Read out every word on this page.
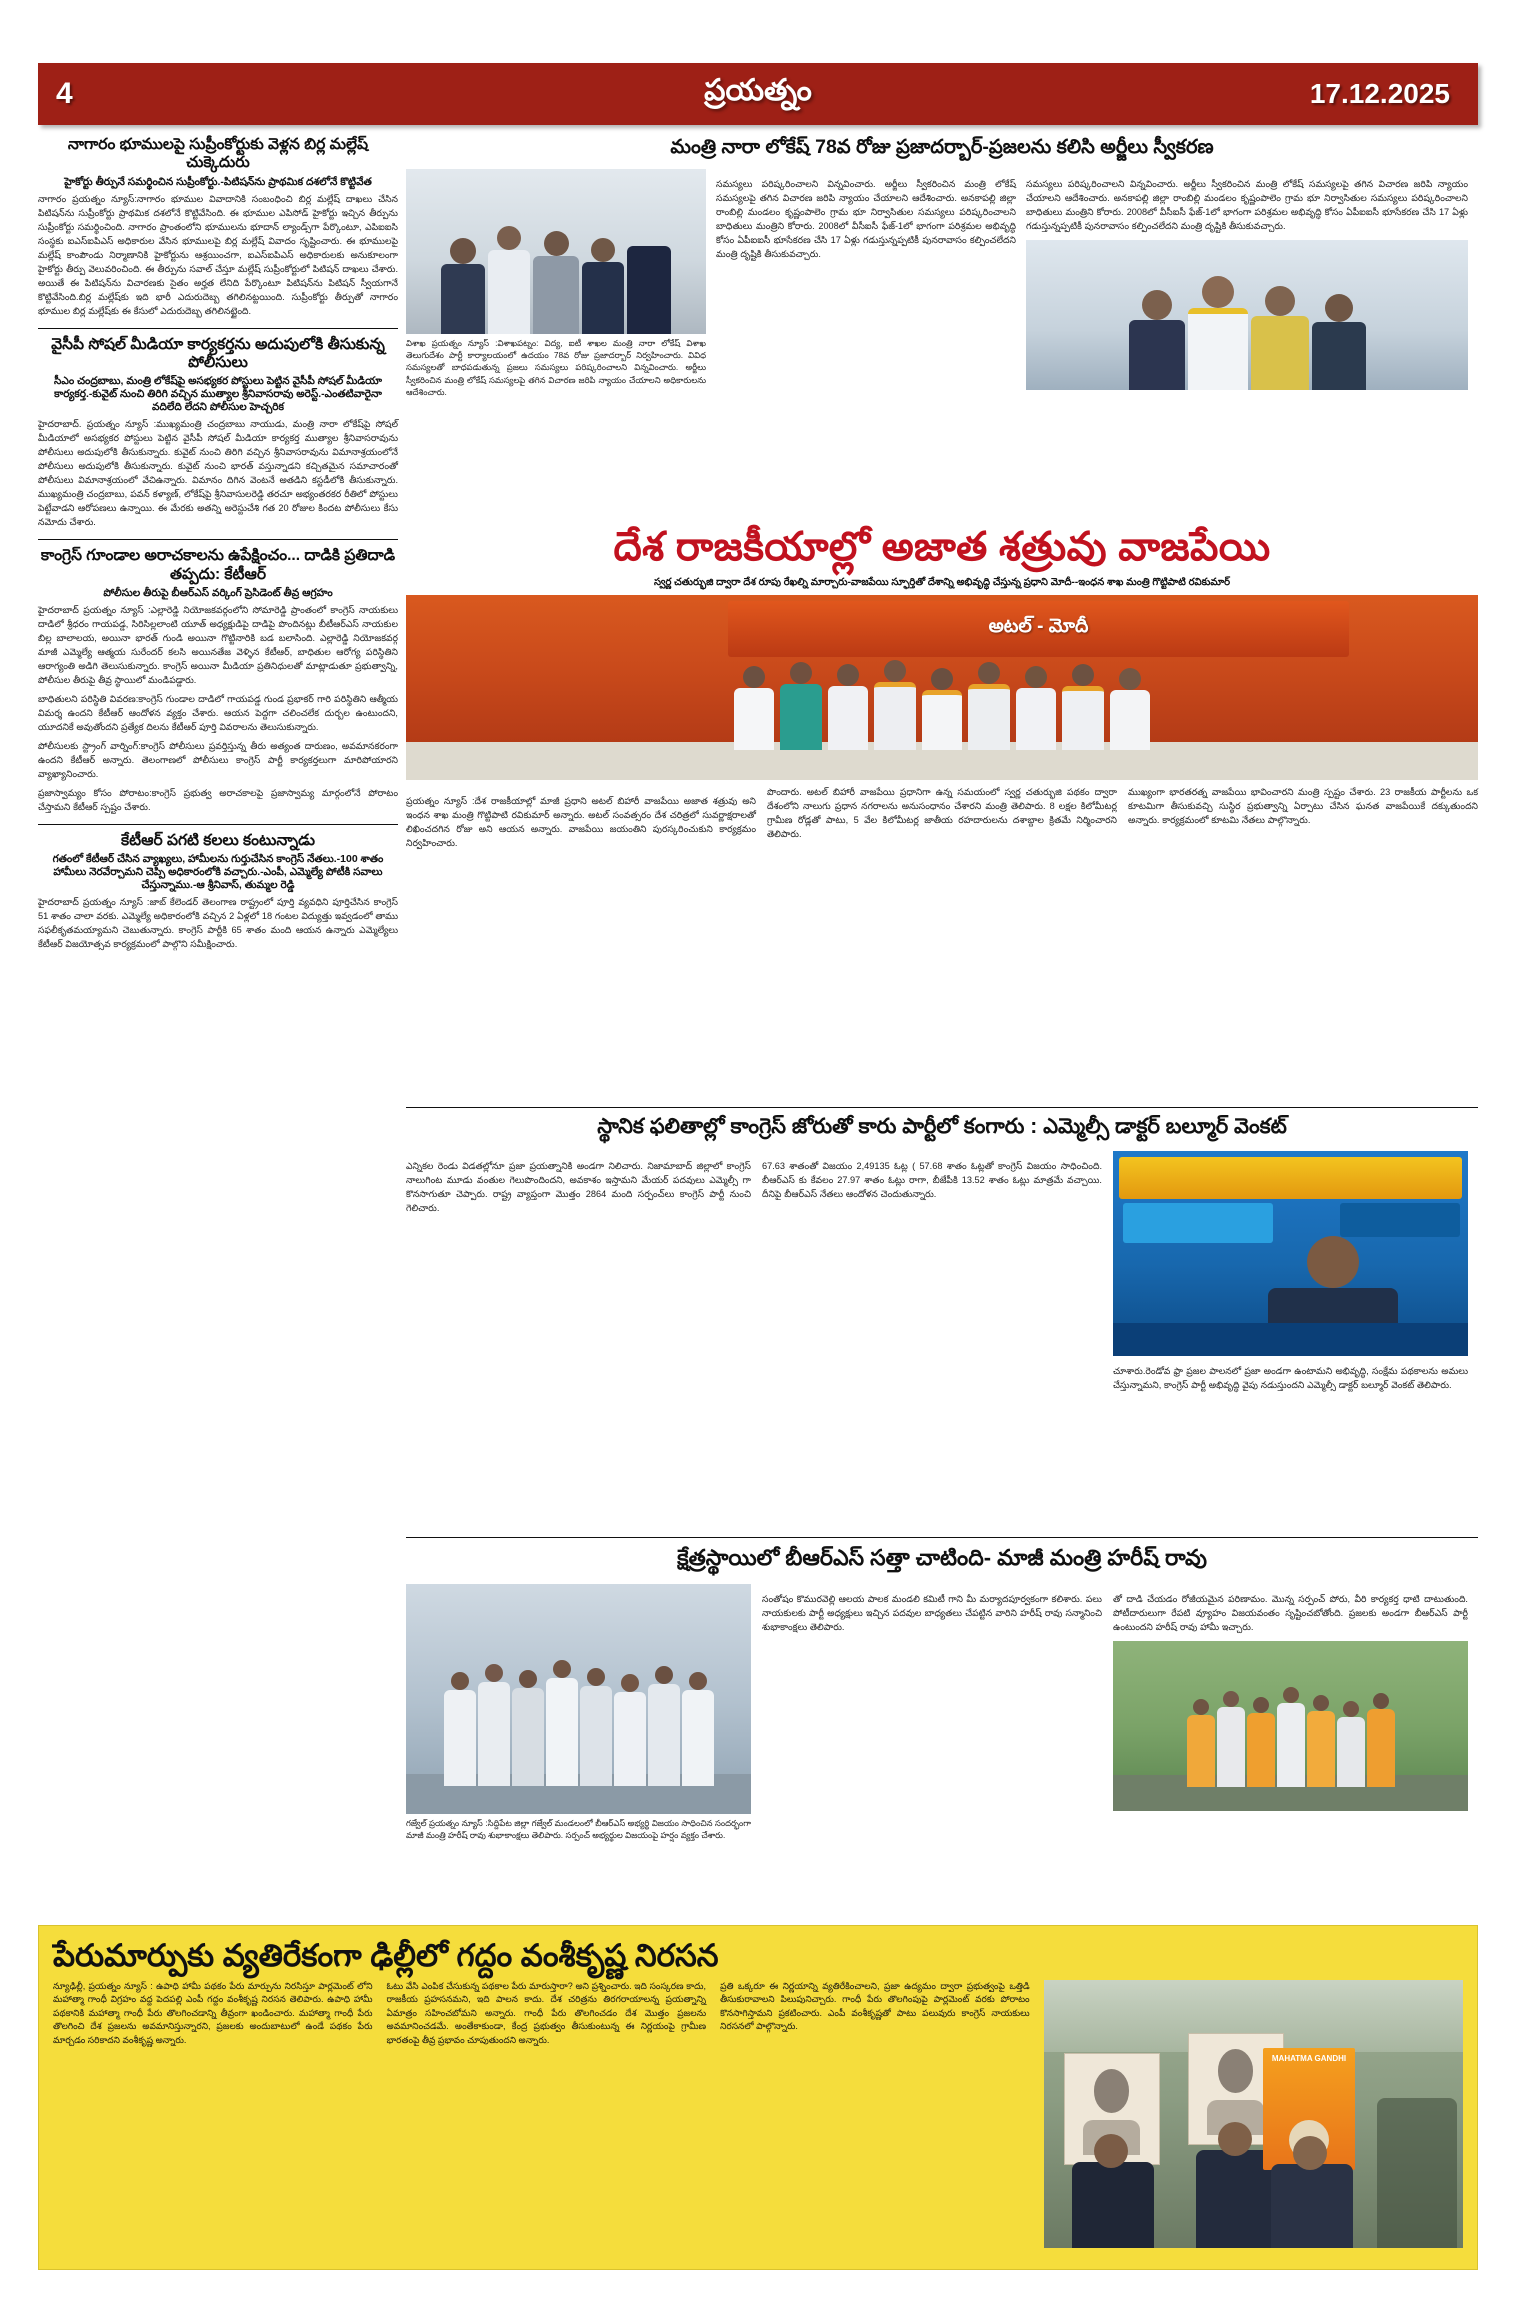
4	ప్రయత్నం	17.12.2025
నాగారం భూములపై సుప్రీంకోర్టుకు వెళ్లన బిర్ల మల్లేష్ చుక్కెదురు
హైకోర్టు తీర్పునే సమర్థించిన సుప్రీంకోర్టు.-పిటిషన్‌ను ప్రాథమిక దశలోనే కొట్టివేత

నాగారం ప్రయత్నం న్యూస్:నాగారం భూముల వివాదానికి సంబంధించి బిర్ల మల్లేష్ దాఖలు చేసిన పిటిషన్‌ను సుప్రీంకోర్టు ప్రాథమిక దశలోనే కొట్టివేసింది. ఈ భూముల ఎపిసోడ్ హైకోర్టు ఇచ్చిన తీర్పును సుప్రీంకోర్టు సమర్థించింది. నాగారం ప్రాంతంలోని భూములను భూదాన్ ల్యాండ్స్‌గా పేర్కొంటూ, ఎపిఐఐసి సంస్థకు ఐఎస్‌ఐపిఎస్ అధికారుల వేసిన భూములపై బిర్ల మల్లేష్ వివాదం సృష్టించారు. ఈ భూములపై మల్లేష్ కాంపౌండు నిర్మాణానికి హైకోర్టును ఆశ్రయించగా, ఐఎస్‌ఐపిఎస్ అధికారులకు అనుకూలంగా హైకోర్టు తీర్పు వెలువరించింది. ఈ తీర్పును సవాల్ చేస్తూ మల్లేష్ సుప్రీంకోర్టులో పిటిషన్ దాఖలు చేశారు. అయితే ఈ పిటిషన్‌ను విచారణకు సైతం అర్హత లేనిది పేర్కొంటూ పిటిషన్‌ను పిటిషన్ స్వీయగానే కొట్టివేసింది.బిర్ల మల్లేష్‌కు ఇది భారీ ఎదురుదెబ్బ తగిలినట్టయింది. సుప్రీంకోర్టు తీర్పుతో నాగారం భూముల బిర్ల మల్లేష్‌కు ఈ కేసులో ఎదురుదెబ్బ తగిలినట్టైంది.

వైసీపీ సోషల్ మీడియా కార్యకర్తను అదుపులోకి తీసుకున్న పోలీసులు
సీఎం చంద్రబాబు, మంత్రి లోకేష్‌పై అసభ్యకర పోస్టులు పెట్టిన వైసీపీ సోషల్ మీడియా కార్యకర్త.-కువైట్ నుంచి తిరిగి వచ్చిన ముత్యాల శ్రీనివాసరావు అరెస్ట్.-ఎంతటివారైనా వదిలేది లేదని పోలీసుల హెచ్చరిక

హైదరాబాద్. ప్రయత్నం న్యూస్ :ముఖ్యమంత్రి చంద్రబాబు నాయుడు, మంత్రి నారా లోకేష్‌పై సోషల్ మీడియాలో అసభ్యకర పోస్టులు పెట్టిన వైసీపీ సోషల్ మీడియా కార్యకర్త ముత్యాల శ్రీనివాసరావును పోలీసులు అదుపులోకి తీసుకున్నారు. కువైట్ నుంచి తిరిగి వచ్చిన శ్రీనివాసరావును విమానాశ్రయంలోనే పోలీసులు అదుపులోకి తీసుకున్నారు. కువైట్ నుంచి భారత్ వస్తున్నాడని కచ్చితమైన సమాచారంతో పోలీసులు విమానాశ్రయంలో వేచిఉన్నారు. విమానం దిగిన వెంటనే అతడిని కస్టడీలోకి తీసుకున్నారు. ముఖ్యమంత్రి చంద్రబాబు, పవన్ కళ్యాణ్, లోకేష్‌పై శ్రీనివాసులరెడ్డి తరచూ అభ్యంతరకర రీతిలో పోస్టులు పెట్టేవాడని ఆరోపణలు ఉన్నాయి. ఈ మేరకు అతన్ని అరెస్టుచేశి గత 20 రోజుల కిందట పోలీసులు కేసు నమోదు చేశారు.

కాంగ్రెస్ గూండాల అరాచకాలను ఉపేక్షించం... దాడికి ప్రతిదాడి తప్పదు: కేటీఆర్
పోలీసుల తీరుపై బీఆర్ఎస్ వర్కింగ్ ప్రెసిడెంట్ తీవ్ర ఆగ్రహం

హైదరాబాద్ ప్రయత్నం న్యూస్ :ఎల్లారెడ్డి నియోజకవర్గంలోని సోమారెడ్డి ప్రాంతంలో కాంగ్రెస్ నాయకులు దాడిలో శ్రీధరం గాయపడ్డ, సిరిసిల్లలాంటి యూత్ అధ్యక్షుడిపై దాడిపై పొందినట్లు బీటీఆర్ఎస్ నాయకుల బిల్ల బాలాలయ, అయినా భారత్ గుండి అయినా గొట్టినారికి బడ బలాసింది. ఎల్లారెడ్డి నియోజకవర్గ మాజీ ఎమ్మెల్యే ఆత్మయ సురేందర్ కలసి అయినతేజ వెళ్ళిన కేటీఆర్, బాధితుల ఆరోగ్య పరిస్థితిని ఆరాగ్యంతి అడిగి తెలుసుకున్నారు. కాంగ్రెస్ అయినా మీడియా ప్రతినిధులతో మాట్లాడుతూ ప్రభుత్వాన్ని, పోలీసుల తీరుపై తీవ్ర స్థాయిలో మండిపడ్డారు.

బాధితులని పరిస్థితి వివరణ:కాంగ్రెస్ గుండాల దాడిలో గాయపడ్డ గుండ ప్రభాకర్ గారి పరిస్థితిని ఆత్మీయ విమర్శ ఉందని కేటీఆర్ ఆందోళన వ్యక్తం చేశారు. ఆయన పెద్దగా చలించలేక దుర్బల ఉంటుందని, యూదనికే అవుతోందని ప్రత్యేక దిలను కేటీఆర్ పూర్తి వివరాలను తెలుసుకున్నారు.

పోలీసులకు స్ట్రాంగ్ వార్నింగ్:కాంగ్రెస్ పోలీసులు ప్రవర్తిస్తున్న తీరు అత్యంత దారుణం, అవమానకరంగా ఉందని కేటీఆర్ అన్నారు. తెలంగాణలో పోలీసులు కాంగ్రెస్ పార్టీ కార్యకర్తలుగా మారిపోయారని వ్యాఖ్యానించారు.

ప్రజాస్వామ్యం కోసం పోరాటం:కాంగ్రెస్ ప్రభుత్వ అరాచకాలపై ప్రజాస్వామ్య మార్గంలోనే పోరాటం చేస్తామని కేటీఆర్ స్పష్టం చేశారు.

కేటీఆర్ పగటి కలలు కంటున్నాడు
గతంలో కేటీఆర్ చేసిన వ్యాఖ్యలు, హామీలను గుర్తుచేసిన కాంగ్రెస్ నేతలు.-100 శాతం హామీలు నెరవేర్చామని చెప్పి అధికారంలోకి వచ్చారు.-ఎంపీ, ఎమ్మెల్యే పోటీకి సవాలు చేస్తున్నాము.-ఆ శ్రీనివాస్, తుమ్మల రెడ్డి

హైదరాబాద్ ప్రయత్నం న్యూస్ :జాబ్ కేలెండర్ తెలంగాణ రాష్ట్రంలో పూర్తి వ్యవధిని పూర్తిచేసిన కాంగ్రెస్ 51 శాతం చాలా వరకు. ఎమ్మెల్యే అధికారంలోకి వచ్చిన 2 ఏళ్లలో 18 గంటల విద్యుత్తు ఇవ్వడంలో తాము సఫలీకృతమయ్యామని చెబుతున్నారు. కాంగ్రెస్ పార్టీకి 65 శాతం మంది ఆయన ఉన్నారు ఎమ్మెల్యేలు కేటీఆర్ విజయోత్సవ కార్యక్రమంలో పాల్గొని సమీక్షించారు.

మంత్రి నారా లోకేష్ 78వ రోజు ప్రజాదర్బార్-ప్రజలను కలిసి అర్జీలు స్వీకరణ

విశాఖ ప్రయత్నం న్యూస్ :విశాఖపట్నం: విద్య, ఐటీ శాఖల మంత్రి నారా లోకేష్ విశాఖ తెలుగుదేశం పార్టీ కార్యాలయంలో ఉదయం 78వ రోజు ప్రజాదర్బార్ నిర్వహించారు. వివిధ సమస్యలతో బాధపడుతున్న ప్రజలు సమస్యలు పరిష్కరించాలని విన్నవించారు. అర్జీలు స్వీకరించిన మంత్రి లోకేష్ సమస్యలపై తగిన విచారణ జరిపి న్యాయం చేయాలని అధికారులను ఆదేశించారు.

సమస్యలు పరిష్కరించాలని విన్నవించారు. అర్జీలు స్వీకరించిన మంత్రి లోకేష్ సమస్యలపై తగిన విచారణ జరిపి న్యాయం చేయాలని ఆదేశించారు. అనకాపల్లి జిల్లా రాంబిల్లి మండలం కృష్ణంపాలెం గ్రామ భూ నిర్వాసితుల సమస్యలు పరిష్కరించాలని బాధితులు మంత్రిని కోరారు. 2008లో వీసీఐసీ ఫేజ్-1లో భాగంగా పరిశ్రమల అభివృద్ధి కోసం ఏపీఐఐసీ భూసేకరణ చేసి 17 ఏళ్లు గడుస్తున్నప్పటికీ పునరావాసం కల్పించలేదని మంత్రి దృష్టికి తీసుకువచ్చారు.

సమస్యలు పరిష్కరించాలని విన్నవించారు. అర్జీలు స్వీకరించిన మంత్రి లోకేష్ సమస్యలపై తగిన విచారణ జరిపి న్యాయం చేయాలని ఆదేశించారు. అనకాపల్లి జిల్లా రాంబిల్లి మండలం కృష్ణంపాలెం గ్రామ భూ నిర్వాసితుల సమస్యలు పరిష్కరించాలని బాధితులు మంత్రిని కోరారు. 2008లో వీసీఐసీ ఫేజ్-1లో భాగంగా పరిశ్రమల అభివృద్ధి కోసం ఏపీఐఐసీ భూసేకరణ చేసి 17 ఏళ్లు గడుస్తున్నప్పటికీ పునరావాసం కల్పించలేదని మంత్రి దృష్టికి తీసుకువచ్చారు.

దేశ రాజకీయాల్లో అజాత శత్రువు వాజపేయి
స్వర్ణ చతుర్భుజి ద్వారా దేశ రూపు రేఖల్ని మార్చారు-వాజపేయి స్ఫూర్తితో దేశాన్ని అభివృద్ధి చేస్తున్న ప్రధాని మోదీ--ఇంధన శాఖ మంత్రి గొట్టిపాటి రవికుమార్
అటల్ - మోదీ

ప్రయత్నం న్యూస్ :దేశ రాజకీయాల్లో మాజీ ప్రధాని అటల్ బిహారీ వాజపేయి అజాత శత్రువు అని ఇంధన శాఖ మంత్రి గొట్టిపాటి రవికుమార్ అన్నారు. అటల్ సంవత్సరం దేశ చరిత్రలో సువర్ణాక్షరాలతో లిఖించదగిన రోజు అని ఆయన అన్నారు. వాజపేయి జయంతిని పురస్కరించుకుని కార్యక్రమం నిర్వహించారు.

పొందారు. అటల్ బిహారీ వాజపేయి ప్రధానిగా ఉన్న సమయంలో స్వర్ణ చతుర్భుజి పథకం ద్వారా దేశంలోని నాలుగు ప్రధాన నగరాలను అనుసంధానం చేశారని మంత్రి తెలిపారు. 8 లక్షల కిలోమీటర్ల గ్రామీణ రోడ్లతో పాటు, 5 వేల కిలోమీటర్ల జాతీయ రహదారులను దశాబ్దాల క్రితమే నిర్మించారని తెలిపారు.

ముఖ్యంగా భారతరత్న వాజపేయి భావించారని మంత్రి స్పష్టం చేశారు. 23 రాజకీయ పార్టీలను ఒక కూటమిగా తీసుకువచ్చి సుస్థిర ప్రభుత్వాన్ని ఏర్పాటు చేసిన ఘనత వాజపేయికే దక్కుతుందని అన్నారు. కార్యక్రమంలో కూటమి నేతలు పాల్గొన్నారు.

స్థానిక ఫలితాల్లో కాంగ్రెస్ జోరుతో కారు పార్టీలో కంగారు : ఎమ్మెల్సీ డాక్టర్ బల్మూర్ వెంకట్

ఎన్నికల రెండు విడతల్లోనూ ప్రజా ప్రయత్నానికి అండగా నిలిచారు. నిజామాబాద్ జిల్లాలో కాంగ్రెస్ నాలుగింట మూడు వంతుల గెలుపొందిందని, అవకాశం ఇస్తామని మేయర్ పదవులు ఎమ్మెల్సీ గా కొనసాగుతూ చెప్పారు. రాష్ట్ర వ్యాప్తంగా మొత్తం 2864 మంది సర్పంచ్‌లు కాంగ్రెస్ పార్టీ నుంచి గెలిచారు.

67.63 శాతంతో విజయం 2,49135 ఓట్ల ( 57.68 శాతం ఓట్లతో కాంగ్రెస్ విజయం సాధించింది. బీఆర్ఎస్ కు కేవలం 27.97 శాతం ఓట్లు రాగా, బీజేపీకి 13.52 శాతం ఓట్లు మాత్రమే వచ్చాయి. దీనిపై బీఆర్ఎస్ నేతలు ఆందోళన చెందుతున్నారు.

చూశారు.రెండోవ ఫ్రా ప్రజల పాలనలో ప్రజా అండగా ఉంటామని అభివృద్ధి, సంక్షేమ పథకాలను అమలు చేస్తున్నామని, కాంగ్రెస్ పార్టీ అభివృద్ధి వైపు నడుస్తుందని ఎమ్మెల్సీ డాక్టర్ బల్మూర్ వెంకట్ తెలిపారు.

క్షేత్రస్థాయిలో బీఆర్ఎస్ సత్తా చాటింది- మాజీ మంత్రి హరీష్ రావు

గజ్వేల్ ప్రయత్నం న్యూస్ :సిద్దిపేట జిల్లా గజ్వేల్ మండలంలో బీఆర్ఎస్ అభ్యర్థి విజయం సాధించిన సందర్భంగా మాజీ మంత్రి హరీష్ రావు శుభాకాంక్షలు తెలిపారు. సర్పంచ్ అభ్యర్థుల విజయంపై హర్షం వ్యక్తం చేశారు.

సంతోషం కొమురవెల్లి ఆలయ పాలక మండలి కమిటీ గాని మీ మర్యాదపూర్వకంగా కలిశారు. పలు నాయకులకు పార్టీ అధ్యక్షులు ఇచ్చిన పదవుల బాధ్యతలు చేపట్టిన వారిని హరీష్ రావు సన్మానించి శుభాకాంక్షలు తెలిపారు.

తో దాడి చేయడం రోజీయమైన పరిణామం. మొన్న సర్పంచ్ పోరు, వీరి కార్యకర్త ధాటి దాటుతుంది. పోటీదారులుగా రేపటి వ్యూహం విజయవంతం సృష్టించబోతోంది. ప్రజలకు అండగా బీఆర్ఎస్ పార్టీ ఉంటుందని హరీష్ రావు హామీ ఇచ్చారు.

పేరుమార్పుకు వ్యతిరేకంగా ఢిల్లీలో గద్దం వంశీకృష్ణ నిరసన

న్యూఢిల్లీ, ప్రయత్నం న్యూస్ : ఉపాధి హామీ పథకం పేరు మార్పును నిరసిస్తూ పార్లమెంట్ లోని మహాత్మా గాంధీ విగ్రహం వద్ద పెదపల్లి ఎంపీ గద్దం వంశీకృష్ణ నిరసన తెలిపారు. ఉపాధి హామీ పథకానికి మహాత్మా గాంధీ పేరు తొలగించడాన్ని తీవ్రంగా ఖండించారు. మహాత్మా గాంధీ పేరు తొలగించి దేశ ప్రజలను అవమానిస్తున్నారని, ప్రజలకు అందుబాటులో ఉండే పథకం పేరు మార్చడం సరికాదని వంశీకృష్ణ అన్నారు.

ఓటు వేసి ఎంపిక చేసుకున్న పథకాల పేరు మారుస్తారా? అని ప్రశ్నించారు. ఇది సంస్కరణ కాదు, రాజకీయ ప్రహసనమని, ఇది పాలన కాదు. దేశ చరిత్రను తిరగరాయాలన్న ప్రయత్నాన్ని ఏమాత్రం సహించబోమని అన్నారు. గాంధీ పేరు తొలగించడం దేశ మొత్తం ప్రజలను అవమానించడమే. అంతేకాకుండా, కేంద్ర ప్రభుత్వం తీసుకుంటున్న ఈ నిర్ణయంపై గ్రామీణ భారతంపై తీవ్ర ప్రభావం చూపుతుందని అన్నారు.

ప్రతి ఒక్కరూ ఈ నిర్ణయాన్ని వ్యతిరేకించాలని, ప్రజా ఉద్యమం ద్వారా ప్రభుత్వంపై ఒత్తిడి తీసుకురావాలని పిలుపునిచ్చారు. గాంధీ పేరు తొలగింపుపై పార్లమెంట్ వరకు పోరాటం కొనసాగిస్తామని ప్రకటించారు. ఎంపీ వంశీకృష్ణతో పాటు పలువురు కాంగ్రెస్ నాయకులు నిరసనలో పాల్గొన్నారు.

MAHATMA GANDHI
